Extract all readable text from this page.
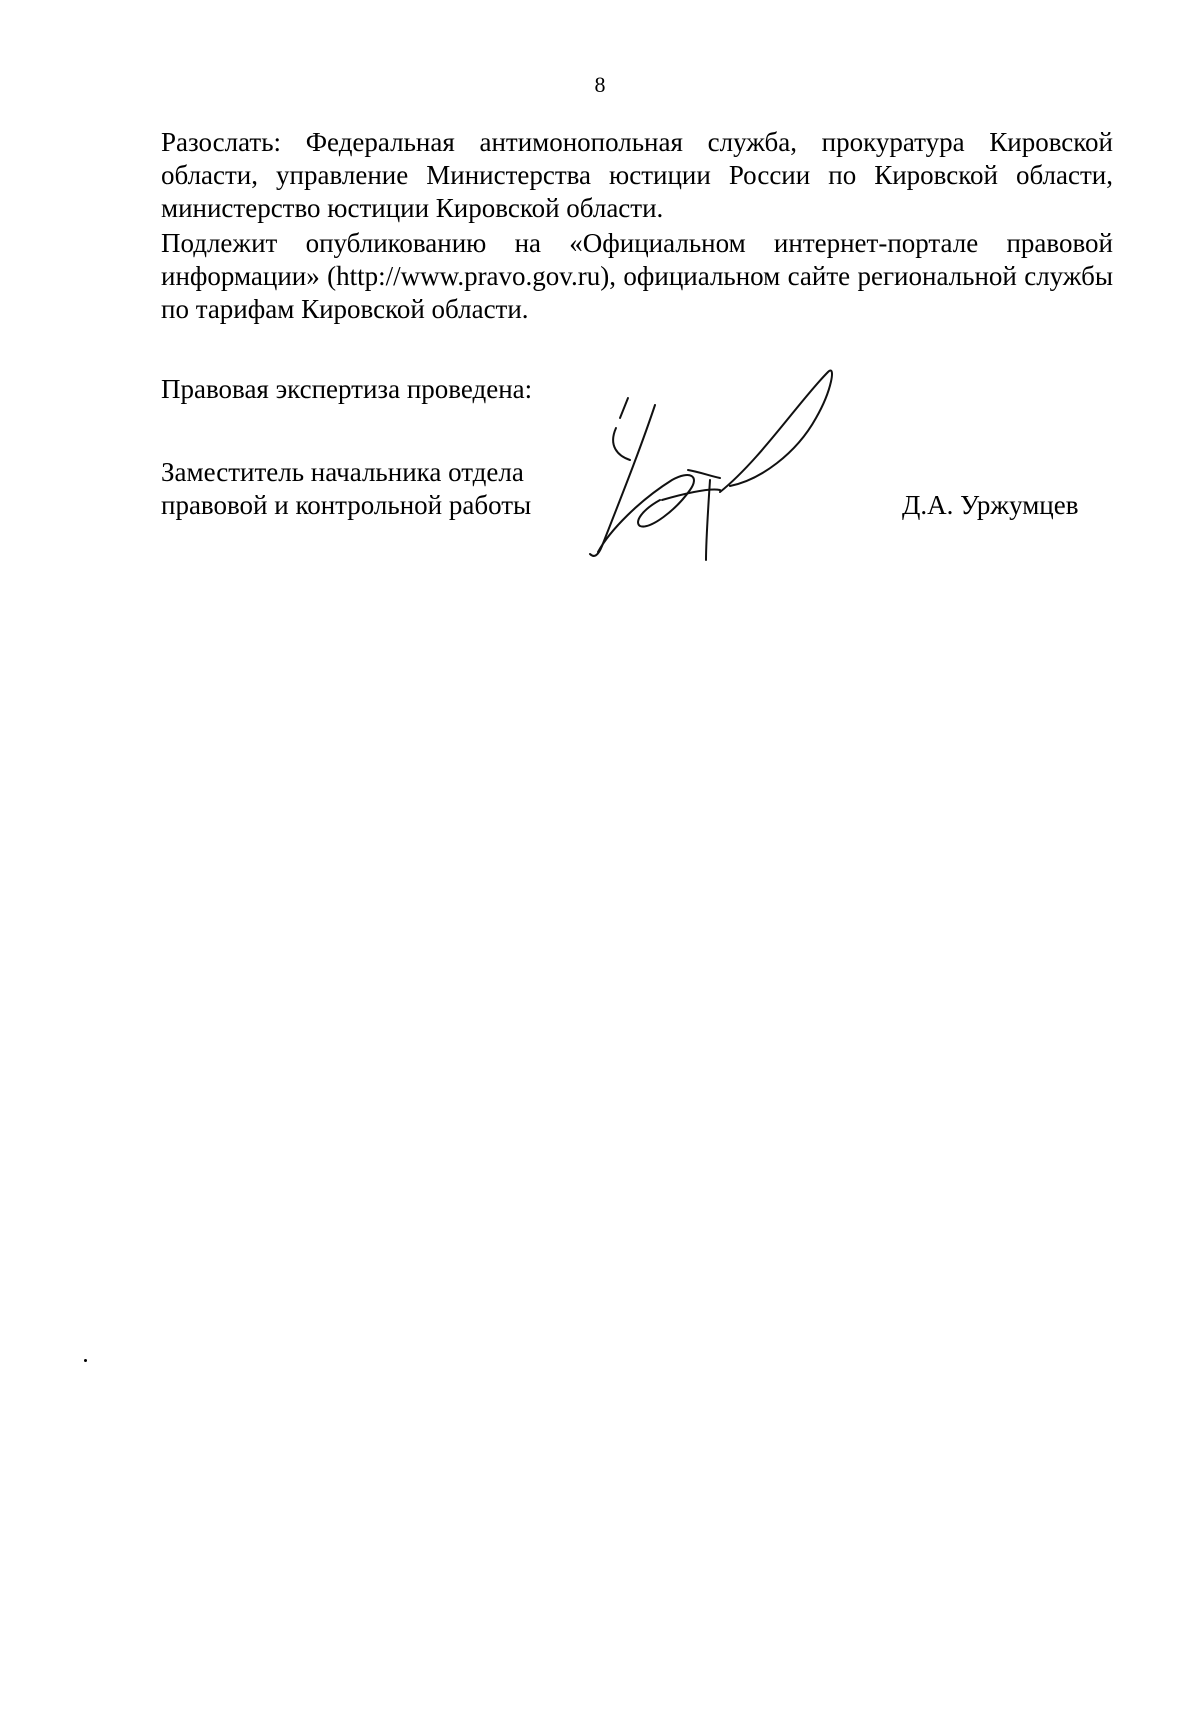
8
Разослать: Федеральная антимонопольная служба, прокуратура Кировской области, управление Министерства юстиции России по Кировской области, министерство юстиции Кировской области.
Подлежит опубликованию на «Официальном интернет-портале правовой информации» (http://www.pravo.gov.ru), официальном сайте региональной службы по тарифам Кировской области.
Правовая экспертиза проведена:
Заместитель начальника отдела
правовой и контрольной работы	Д.А. Уржумцев
